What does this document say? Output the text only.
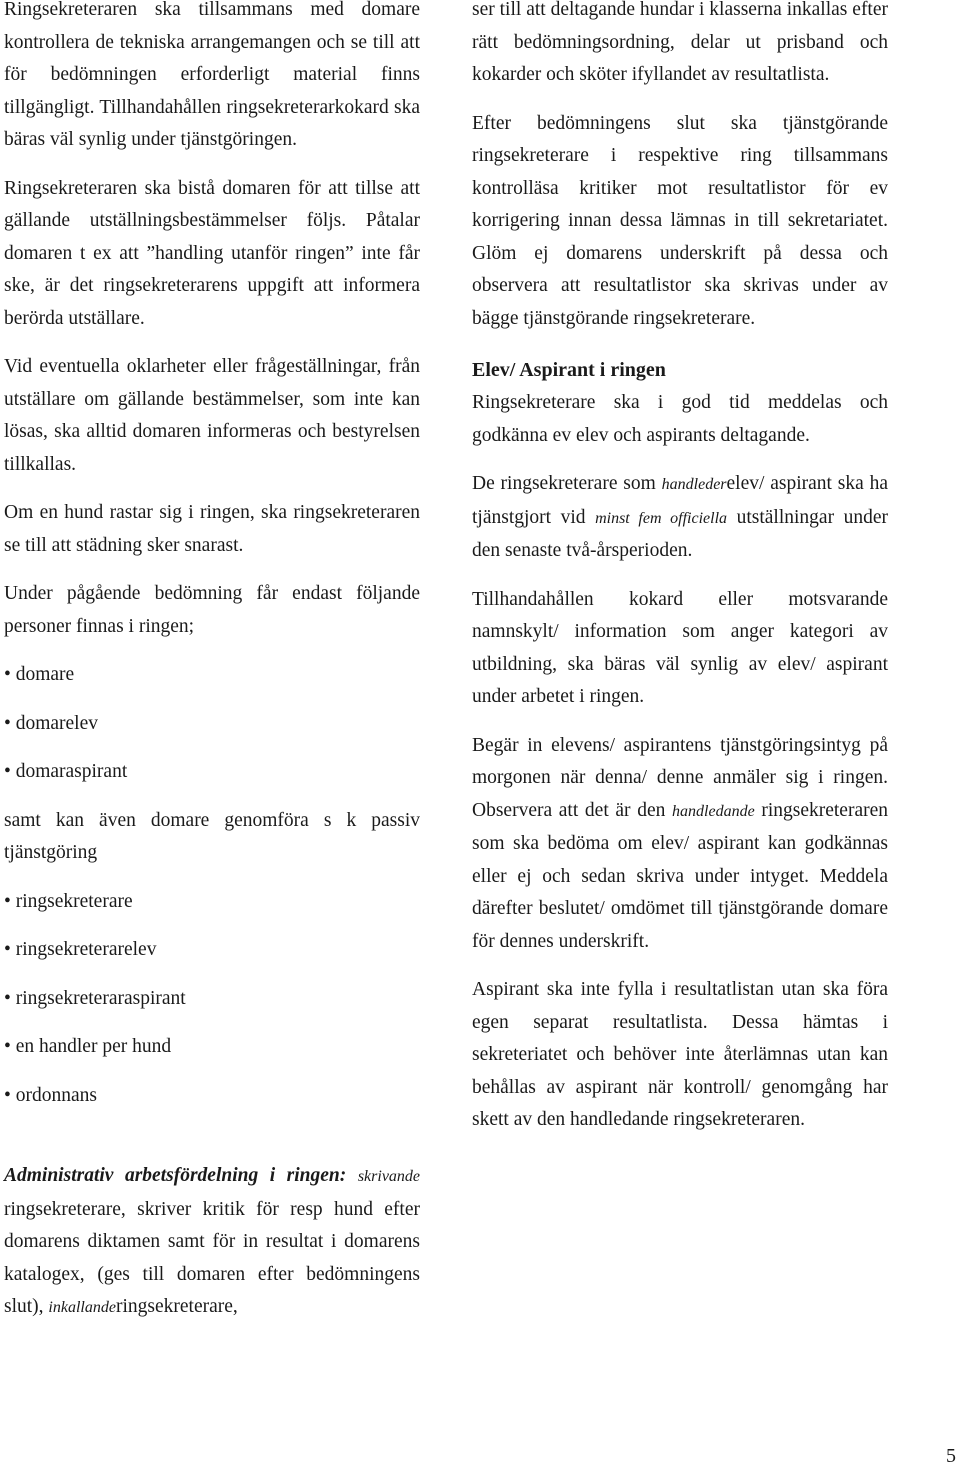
Ringsekreteraren ska tillsammans med domare kontrollera de tekniska arrangemangen och se till att för bedömningen erforderligt material finns tillgängligt. Tillhandahållen ringsekreterarkokard ska bäras väl synlig under tjänstgöringen.

Ringsekreteraren ska bistå domaren för att tillse att gällande utställningsbestämmelser följs. Påtalar domaren t ex att ”handling utanför ringen” inte får ske, är det ringsekreterarens uppgift att informera berörda utställare.

Vid eventuella oklarheter eller frågeställningar, från utställare om gällande bestämmelser, som inte kan lösas, ska alltid domaren informeras och bestyrelsen tillkallas.

Om en hund rastar sig i ringen, ska ringsekreteraren se till att städning sker snarast.

Under pågående bedömning får endast följande personer finnas i ringen;

• domare
• domarelev
• domaraspirant

samt kan även domare genomföra s k passiv tjänstgöring

• ringsekreterare
• ringsekreterarelev
• ringsekreteraraspirant
• en handler per hund
• ordonnans

Administrativ arbetsfördelning i ringen: skrivande ringsekreterare, skriver kritik för resp hund efter domarens diktamen samt för in resultat i domarens katalogex, (ges till domaren efter bedömningens slut), inkallanderingsekreterare,

ser till att deltagande hundar i klasserna inkallas efter rätt bedömningsordning, delar ut prisband och kokarder och sköter ifyllandet av resultatlista.

Efter bedömningens slut ska tjänstgörande ringsekreterare i respektive ring tillsammans kontrolläsa kritiker mot resultatlistor för ev korrigering innan dessa lämnas in till sekretariatet. Glöm ej domarens underskrift på dessa och observera att resultatlistor ska skrivas under av bägge tjänstgörande ringsekreterare.

Elev/ Aspirant i ringen

Ringsekreterare ska i god tid meddelas och godkänna ev elev och aspirants deltagande.

De ringsekreterare som handlederelev/ aspirant ska ha tjänstgjort vid minst fem officiella utställningar under den senaste två-årsperioden.

Tillhandahållen kokard eller motsvarande namnskylt/ information som anger kategori av utbildning, ska bäras väl synlig av elev/ aspirant under arbetet i ringen.

Begär in elevens/ aspirantens tjänstgöringsintyg på morgonen när denna/ denne anmäler sig i ringen. Observera att det är den handledande ringsekreteraren som ska bedöma om elev/ aspirant kan godkännas eller ej och sedan skriva under intyget. Meddela därefter beslutet/ omdömet till tjänstgörande domare för dennes underskrift.

Aspirant ska inte fylla i resultatlistan utan ska föra egen separat resultatlista. Dessa hämtas i sekreteriatet och behöver inte återlämnas utan kan behållas av aspirant när kontroll/ genomgång har skett av den handledande ringsekreteraren.

5
